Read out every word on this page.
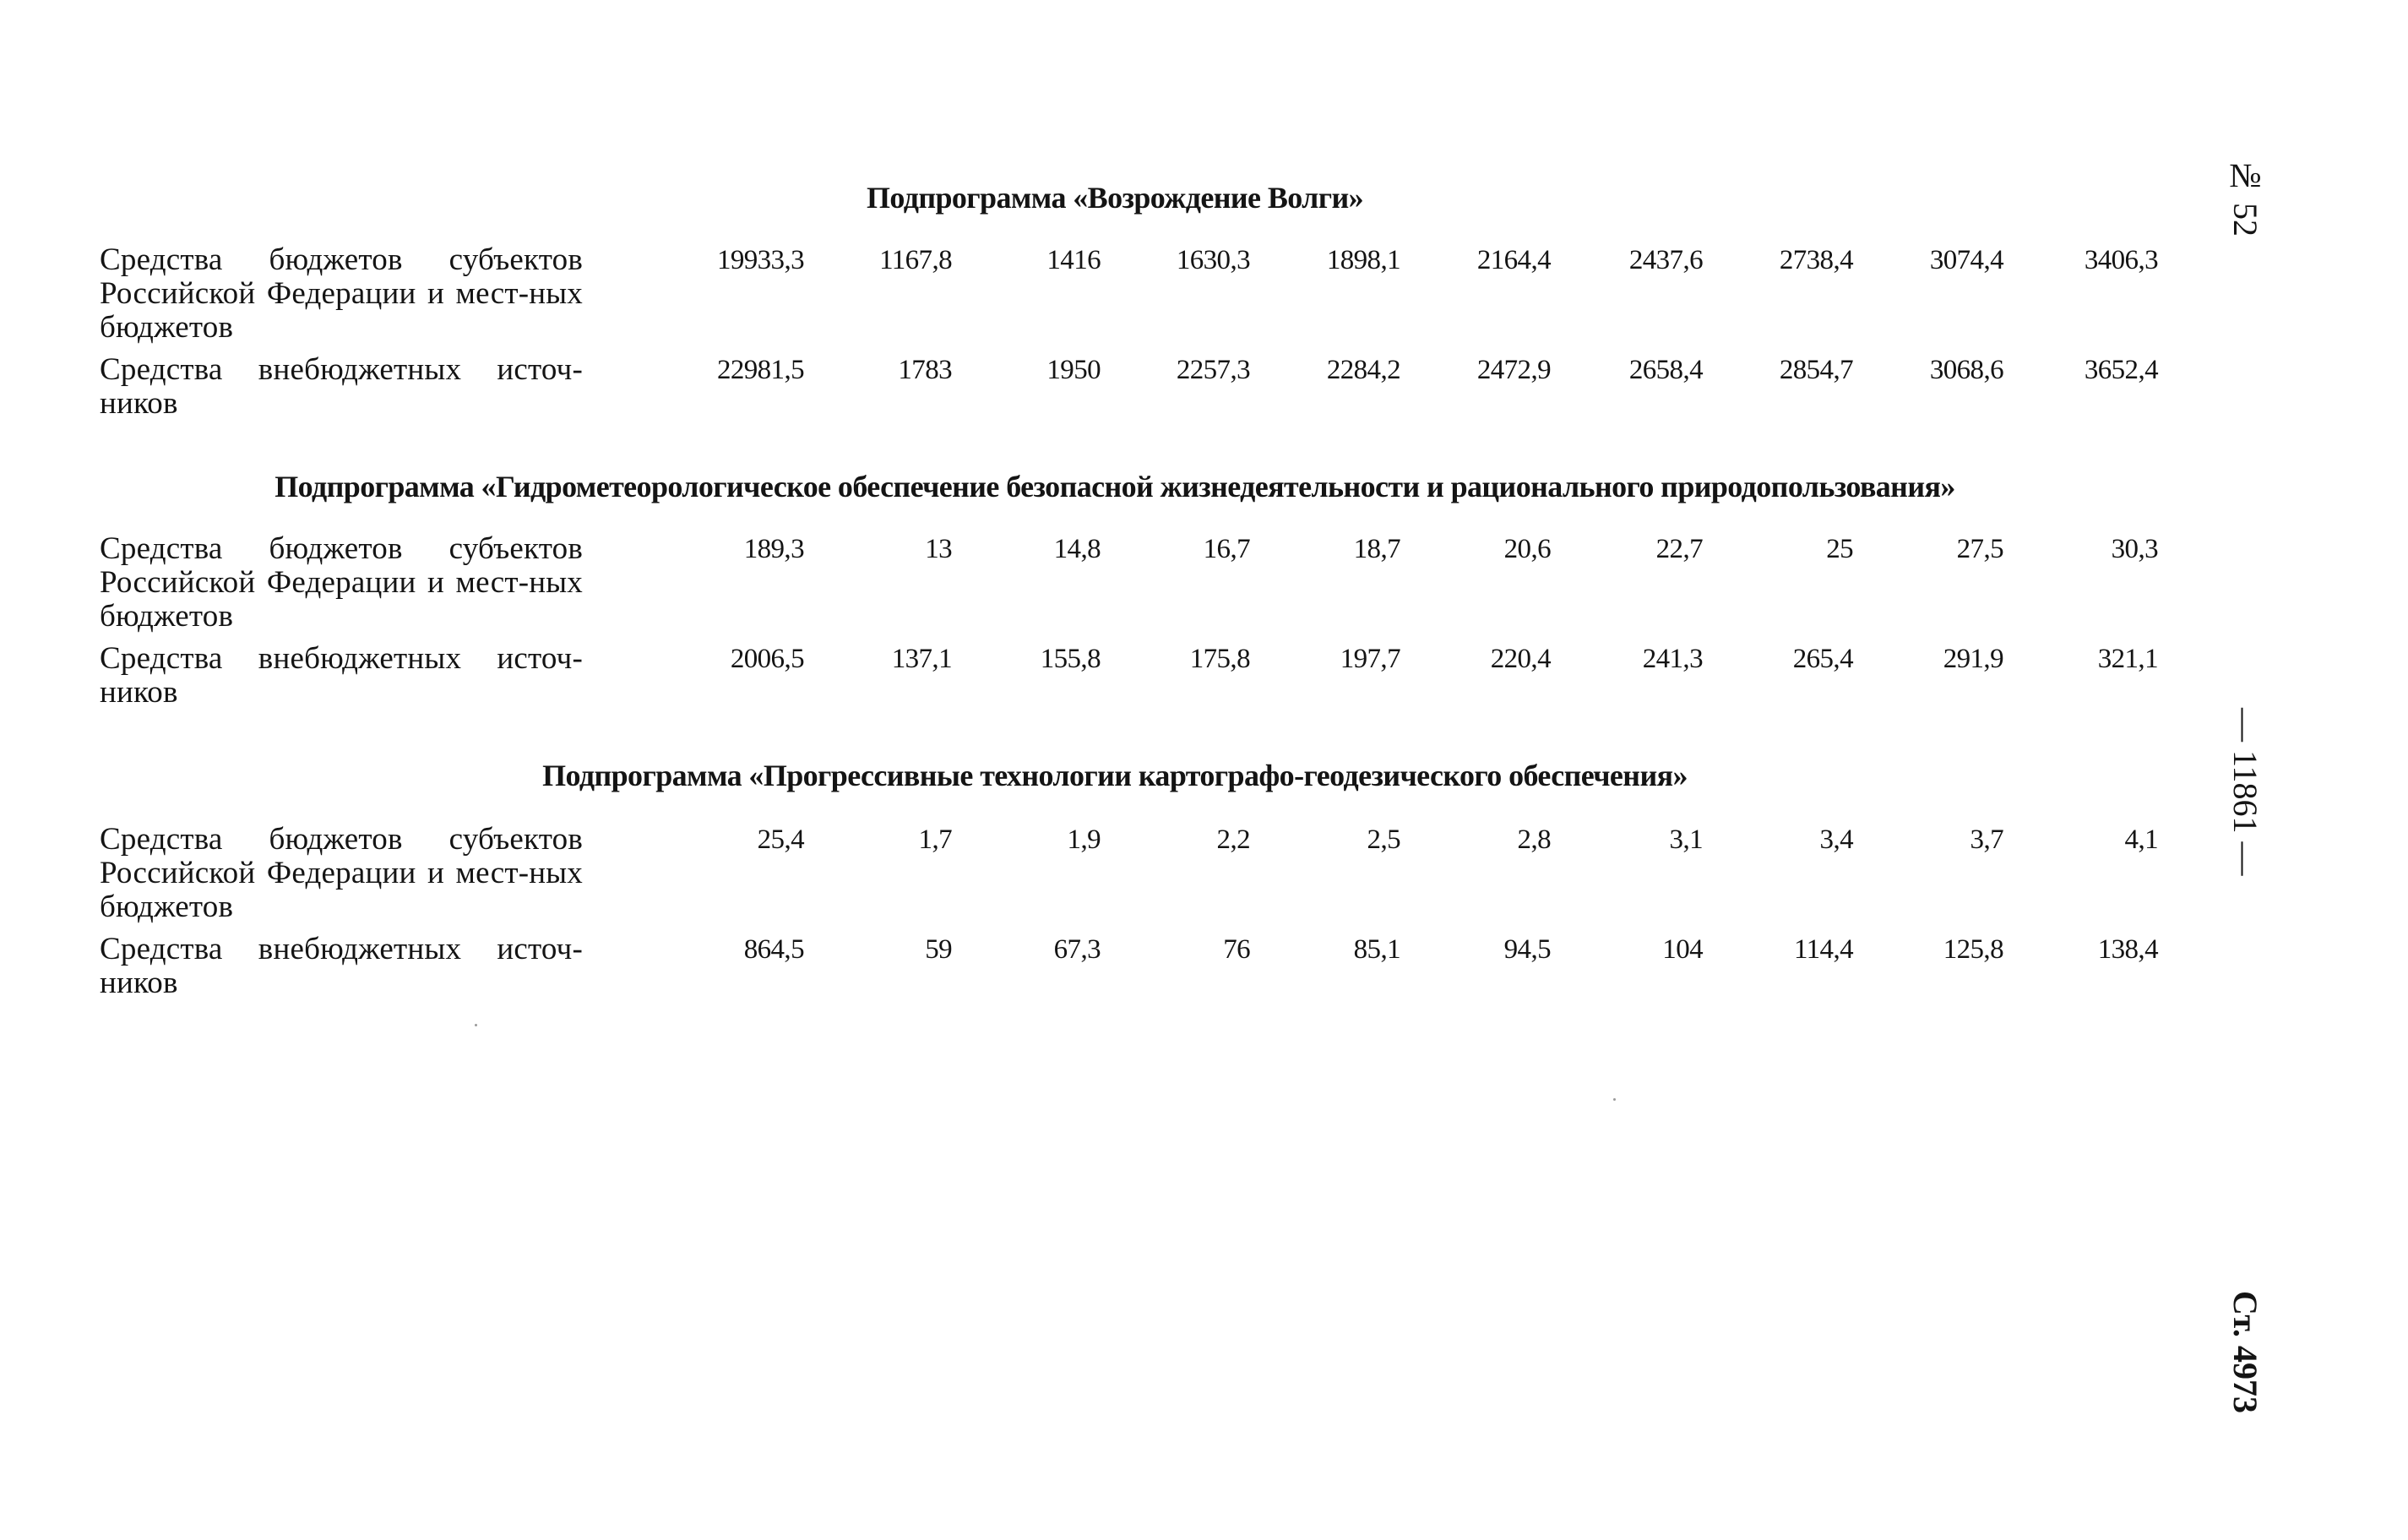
Подпрограмма «Возрождение Волги»
Средства бюджетов субъектов Российской Федерации и мест-ных бюджетов
19933,3	1167,8	1416	1630,3	1898,1	2164,4	2437,6	2738,4	3074,4	3406,3
Средства внебюджетных источ-ников
22981,5	1783	1950	2257,3	2284,2	2472,9	2658,4	2854,7	3068,6	3652,4
Подпрограмма «Гидрометеорологическое обеспечение безопасной жизнедеятельности и рационального природопользования»
Средства бюджетов субъектов Российской Федерации и мест-ных бюджетов
189,3	13	14,8	16,7	18,7	20,6	22,7	25	27,5	30,3
Средства внебюджетных источ-ников
2006,5	137,1	155,8	175,8	197,7	220,4	241,3	265,4	291,9	321,1
Подпрограмма «Прогрессивные технологии картографо-геодезического обеспечения»
Средства бюджетов субъектов Российской Федерации и мест-ных бюджетов
25,4	1,7	1,9	2,2	2,5	2,8	3,1	3,4	3,7	4,1
Средства внебюджетных источ-ников
864,5	59	67,3	76	85,1	94,5	104	114,4	125,8	138,4
№ 52
— 11861 —
Ст. 4973
